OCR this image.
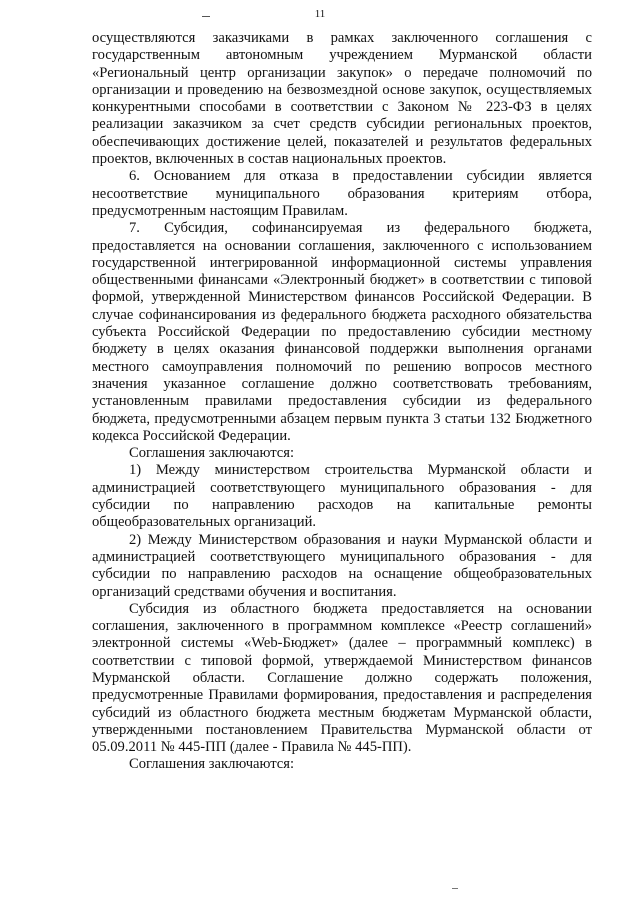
11

осуществляются заказчиками в рамках заключенного соглашения с государственным автономным учреждением Мурманской области «Региональный центр организации закупок» о передаче полномочий по организации и проведению на безвозмездной основе закупок, осуществляемых конкурентными способами в соответствии с Законом № 223-ФЗ в целях реализации заказчиком за счет средств субсидии региональных проектов, обеспечивающих достижение целей, показателей и результатов федеральных проектов, включенных в состав национальных проектов.

6. Основанием для отказа в предоставлении субсидии является несоответствие муниципального образования критериям отбора, предусмотренным настоящим Правилам.

7. Субсидия, софинансируемая из федерального бюджета, предоставляется на основании соглашения, заключенного с использованием государственной интегрированной информационной системы управления общественными финансами «Электронный бюджет» в соответствии с типовой формой, утвержденной Министерством финансов Российской Федерации. В случае софинансирования из федерального бюджета расходного обязательства субъекта Российской Федерации по предоставлению субсидии местному бюджету в целях оказания финансовой поддержки выполнения органами местного самоуправления полномочий по решению вопросов местного значения указанное соглашение должно соответствовать требованиям, установленным правилами предоставления субсидии из федерального бюджета, предусмотренными абзацем первым пункта 3 статьи 132 Бюджетного кодекса Российской Федерации.

Соглашения заключаются:

1) Между министерством строительства Мурманской области и администрацией соответствующего муниципального образования - для субсидии по направлению расходов на капитальные ремонты общеобразовательных организаций.

2) Между Министерством образования и науки Мурманской области и администрацией соответствующего муниципального образования - для субсидии по направлению расходов на оснащение общеобразовательных организаций средствами обучения и воспитания.

Субсидия из областного бюджета предоставляется на основании соглашения, заключенного в программном комплексе «Реестр соглашений» электронной системы «Web-Бюджет» (далее – программный комплекс) в соответствии с типовой формой, утверждаемой Министерством финансов Мурманской области. Соглашение должно содержать положения, предусмотренные Правилами формирования, предоставления и распределения субсидий из областного бюджета местным бюджетам Мурманской области, утвержденными постановлением Правительства Мурманской области от 05.09.2011 № 445-ПП (далее - Правила № 445-ПП).

Соглашения заключаются:
